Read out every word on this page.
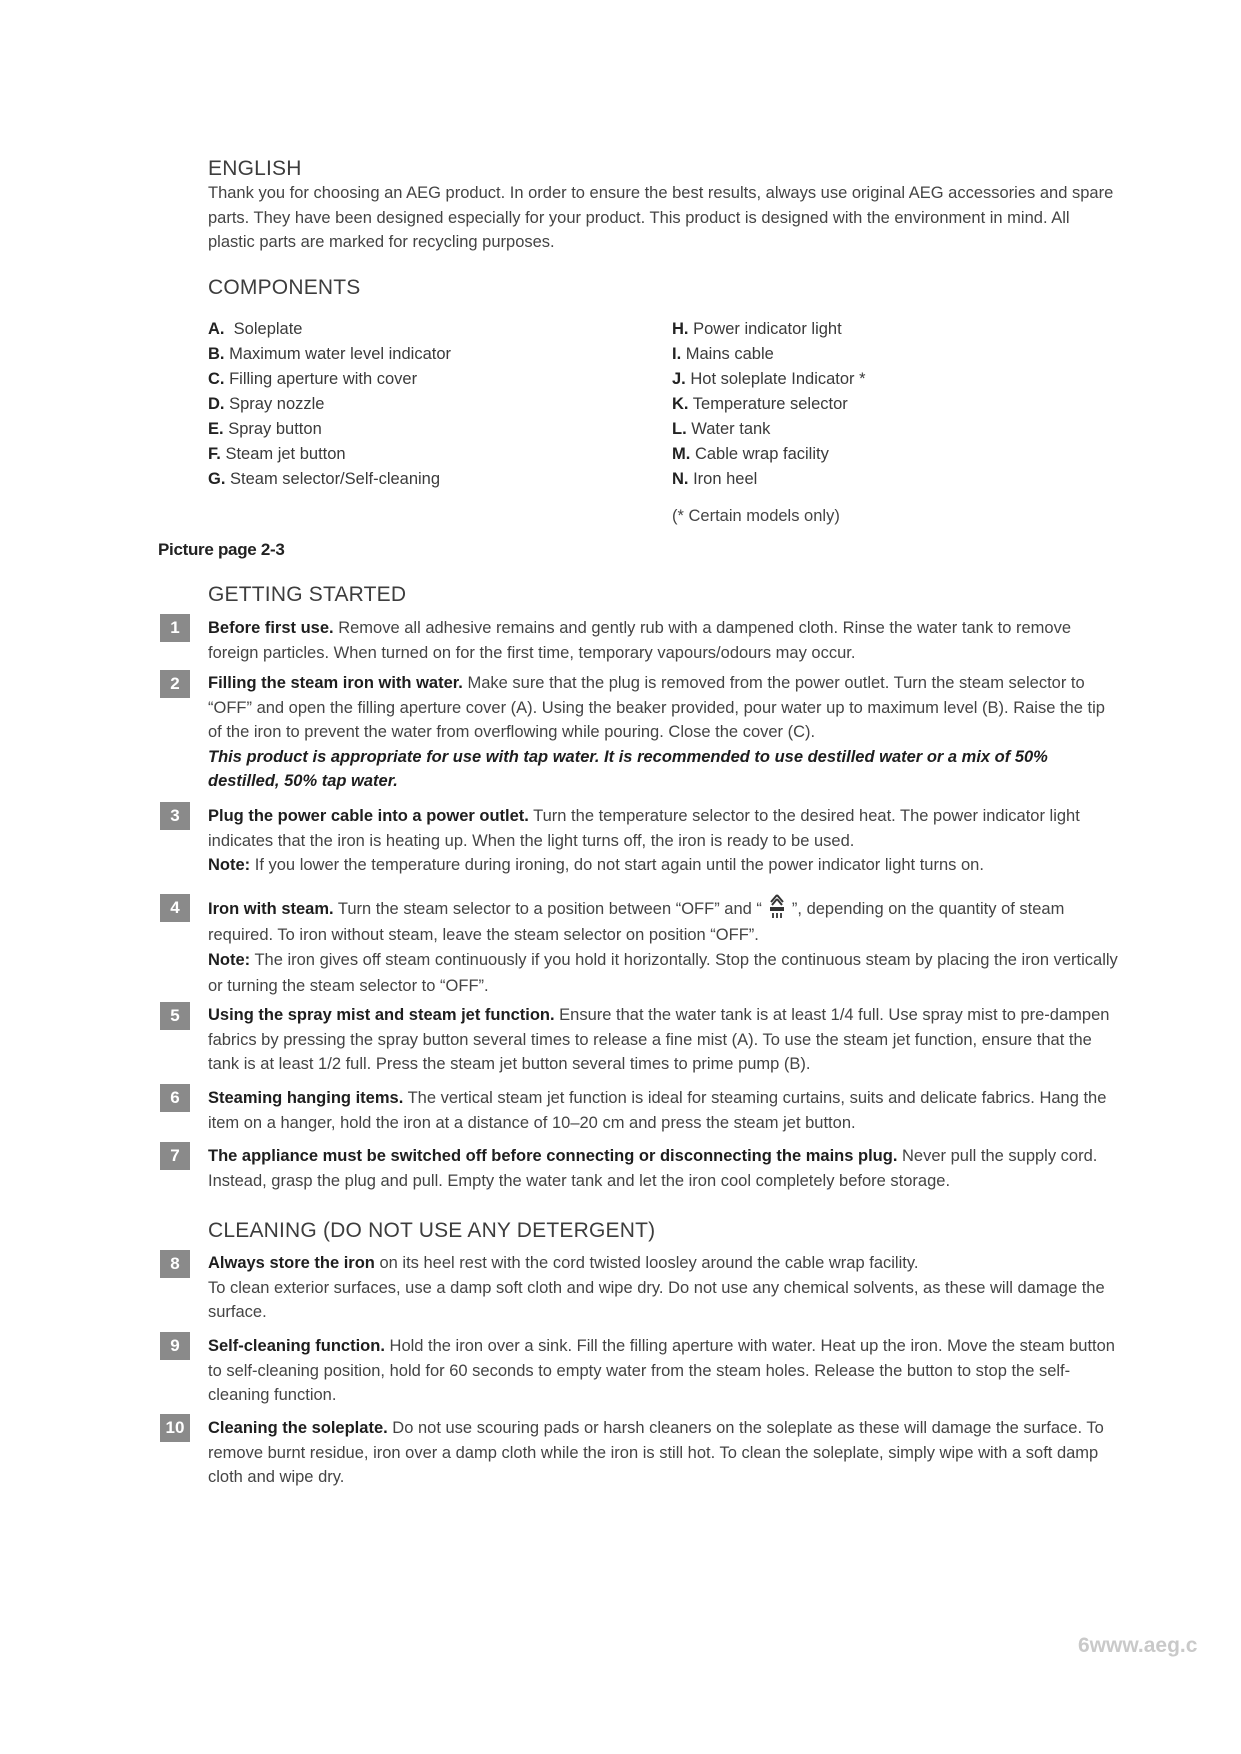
ENGLISH
Thank you for choosing an AEG product. In order to ensure the best results, always use original AEG accessories and spare parts. They have been designed especially for your product. This product is designed with the environment in mind. All plastic parts are marked for recycling purposes.
COMPONENTS
A. Soleplate
B. Maximum water level indicator
C. Filling aperture with cover
D. Spray nozzle
E. Spray button
F. Steam jet button
G. Steam selector/Self-cleaning
H. Power indicator light
I. Mains cable
J. Hot soleplate Indicator *
K. Temperature selector
L. Water tank
M. Cable wrap facility
N. Iron heel
(* Certain models only)
Picture page 2-3
GETTING STARTED
1	Before first use. Remove all adhesive remains and gently rub with a dampened cloth. Rinse the water tank to remove foreign particles. When turned on for the first time, temporary vapours/odours may occur.
2	Filling the steam iron with water. Make sure that the plug is removed from the power outlet. Turn the steam selector to “OFF” and open the filling aperture cover (A). Using the beaker provided, pour water up to maximum level (B). Raise the tip of the iron to prevent the water from overflowing while pouring. Close the cover (C).
This product is appropriate for use with tap water. It is recommended to use destilled water or a mix of 50% destilled, 50% tap water.
3	Plug the power cable into a power outlet. Turn the temperature selector to the desired heat. The power indicator light indicates that the iron is heating up. When the light turns off, the iron is ready to be used.
Note: If you lower the temperature during ironing, do not start again until the power indicator light turns on.
4	Iron with steam. Turn the steam selector to a position between “OFF” and “ ”, depending on the quantity of steam required. To iron without steam, leave the steam selector on position “OFF”.
Note: The iron gives off steam continuously if you hold it horizontally. Stop the continuous steam by placing the iron vertically or turning the steam selector to “OFF”.
5	Using the spray mist and steam jet function. Ensure that the water tank is at least 1/4 full. Use spray mist to pre-dampen fabrics by pressing the spray button several times to release a fine mist (A). To use the steam jet function, ensure that the tank is at least 1/2 full. Press the steam jet button several times to prime pump (B).
6	Steaming hanging items. The vertical steam jet function is ideal for steaming curtains, suits and delicate fabrics. Hang the item on a hanger, hold the iron at a distance of 10–20 cm and press the steam jet button.
7	The appliance must be switched off before connecting or disconnecting the mains plug. Never pull the supply cord. Instead, grasp the plug and pull. Empty the water tank and let the iron cool completely before storage.
CLEANING (DO NOT USE ANY DETERGENT)
8	Always store the iron on its heel rest with the cord twisted loosley around the cable wrap facility.
To clean exterior surfaces, use a damp soft cloth and wipe dry. Do not use any chemical solvents, as these will damage the surface.
9	Self-cleaning function. Hold the iron over a sink. Fill the filling aperture with water. Heat up the iron. Move the steam button to self-cleaning position, hold for 60 seconds to empty water from the steam holes. Release the button to stop the self-cleaning function.
10	Cleaning the soleplate. Do not use scouring pads or harsh cleaners on the soleplate as these will damage the surface. To remove burnt residue, iron over a damp cloth while the iron is still hot. To clean the soleplate, simply wipe with a soft damp cloth and wipe dry.
6www.aeg.c
